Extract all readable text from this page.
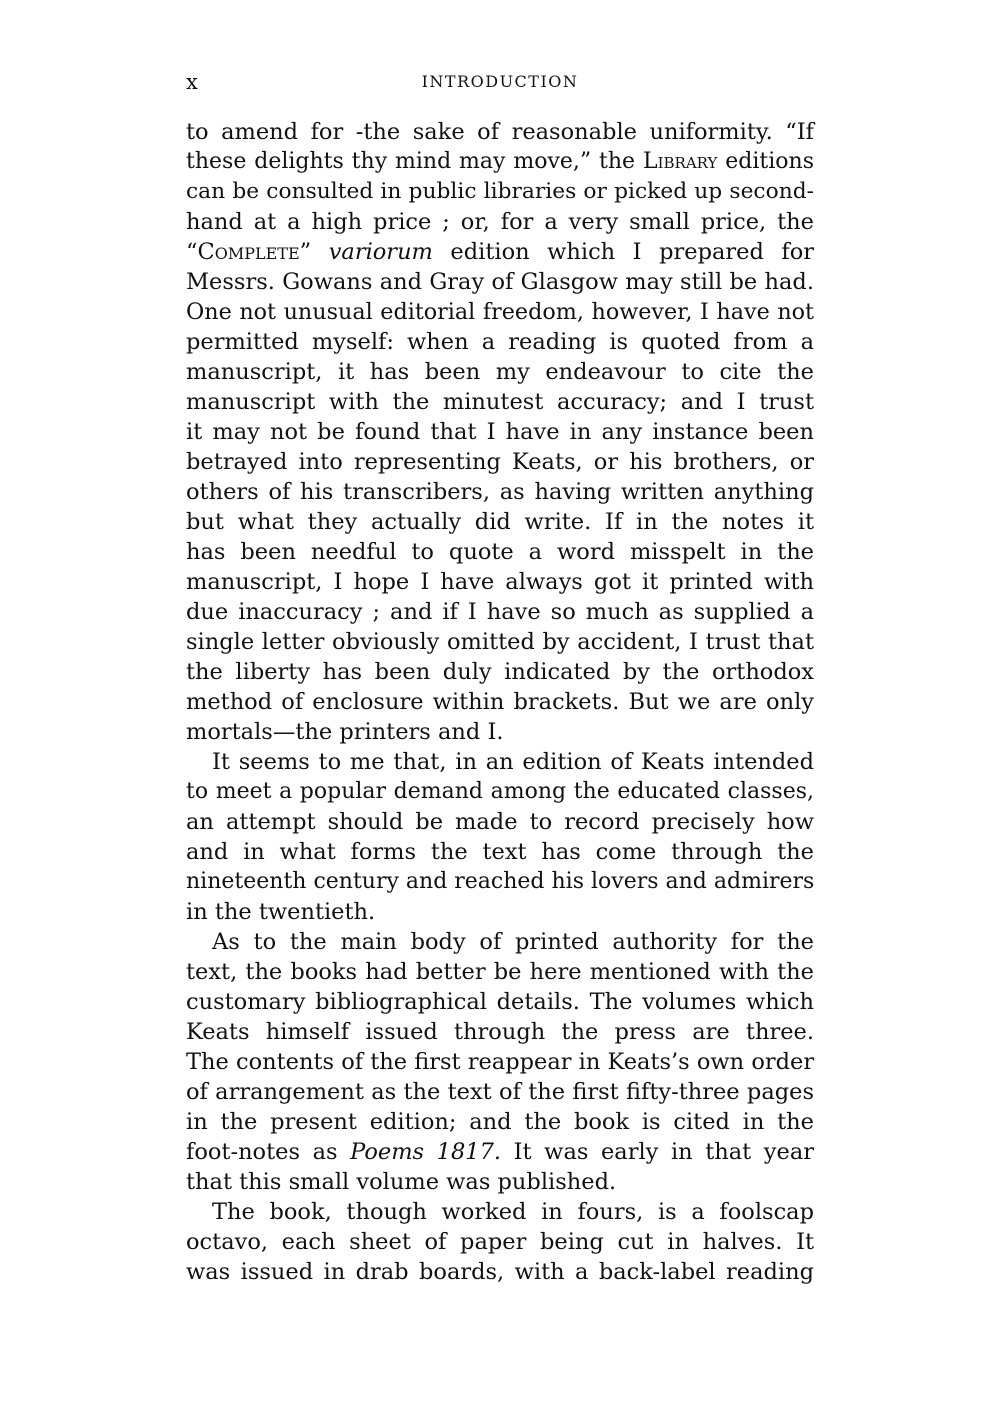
x	INTRODUCTION
to amend for -the sake of reasonable uniformity. “If
these delights thy mind may move,” the Library editions
can be consulted in public libraries or picked up second-
hand at a high price ; or, for a very small price, the
“Complete” variorum edition which I prepared for
Messrs. Gowans and Gray of Glasgow may still be had.
One not unusual editorial freedom, however, I have not
permitted myself: when a reading is quoted from a
manuscript, it has been my endeavour to cite the
manuscript with the minutest accuracy; and I trust
it may not be found that I have in any instance been
betrayed into representing Keats, or his brothers, or
others of his transcribers, as having written anything
but what they actually did write. If in the notes it
has been needful to quote a word misspelt in the
manuscript, I hope I have always got it printed with
due inaccuracy ; and if I have so much as supplied a
single letter obviously omitted by accident, I trust that
the liberty has been duly indicated by the orthodox
method of enclosure within brackets. But we are only
mortals—the printers and I.
It seems to me that, in an edition of Keats intended
to meet a popular demand among the educated classes,
an attempt should be made to record precisely how
and in what forms the text has come through the
nineteenth century and reached his lovers and admirers
in the twentieth.
As to the main body of printed authority for the
text, the books had better be here mentioned with the
customary bibliographical details. The volumes which
Keats himself issued through the press are three.
The contents of the first reappear in Keats’s own order
of arrangement as the text of the first fifty-three pages
in the present edition; and the book is cited in the
foot-notes as Poems 1817. It was early in that year
that this small volume was published.
The book, though worked in fours, is a foolscap
octavo, each sheet of paper being cut in halves. It
was issued in drab boards, with a back-label reading
